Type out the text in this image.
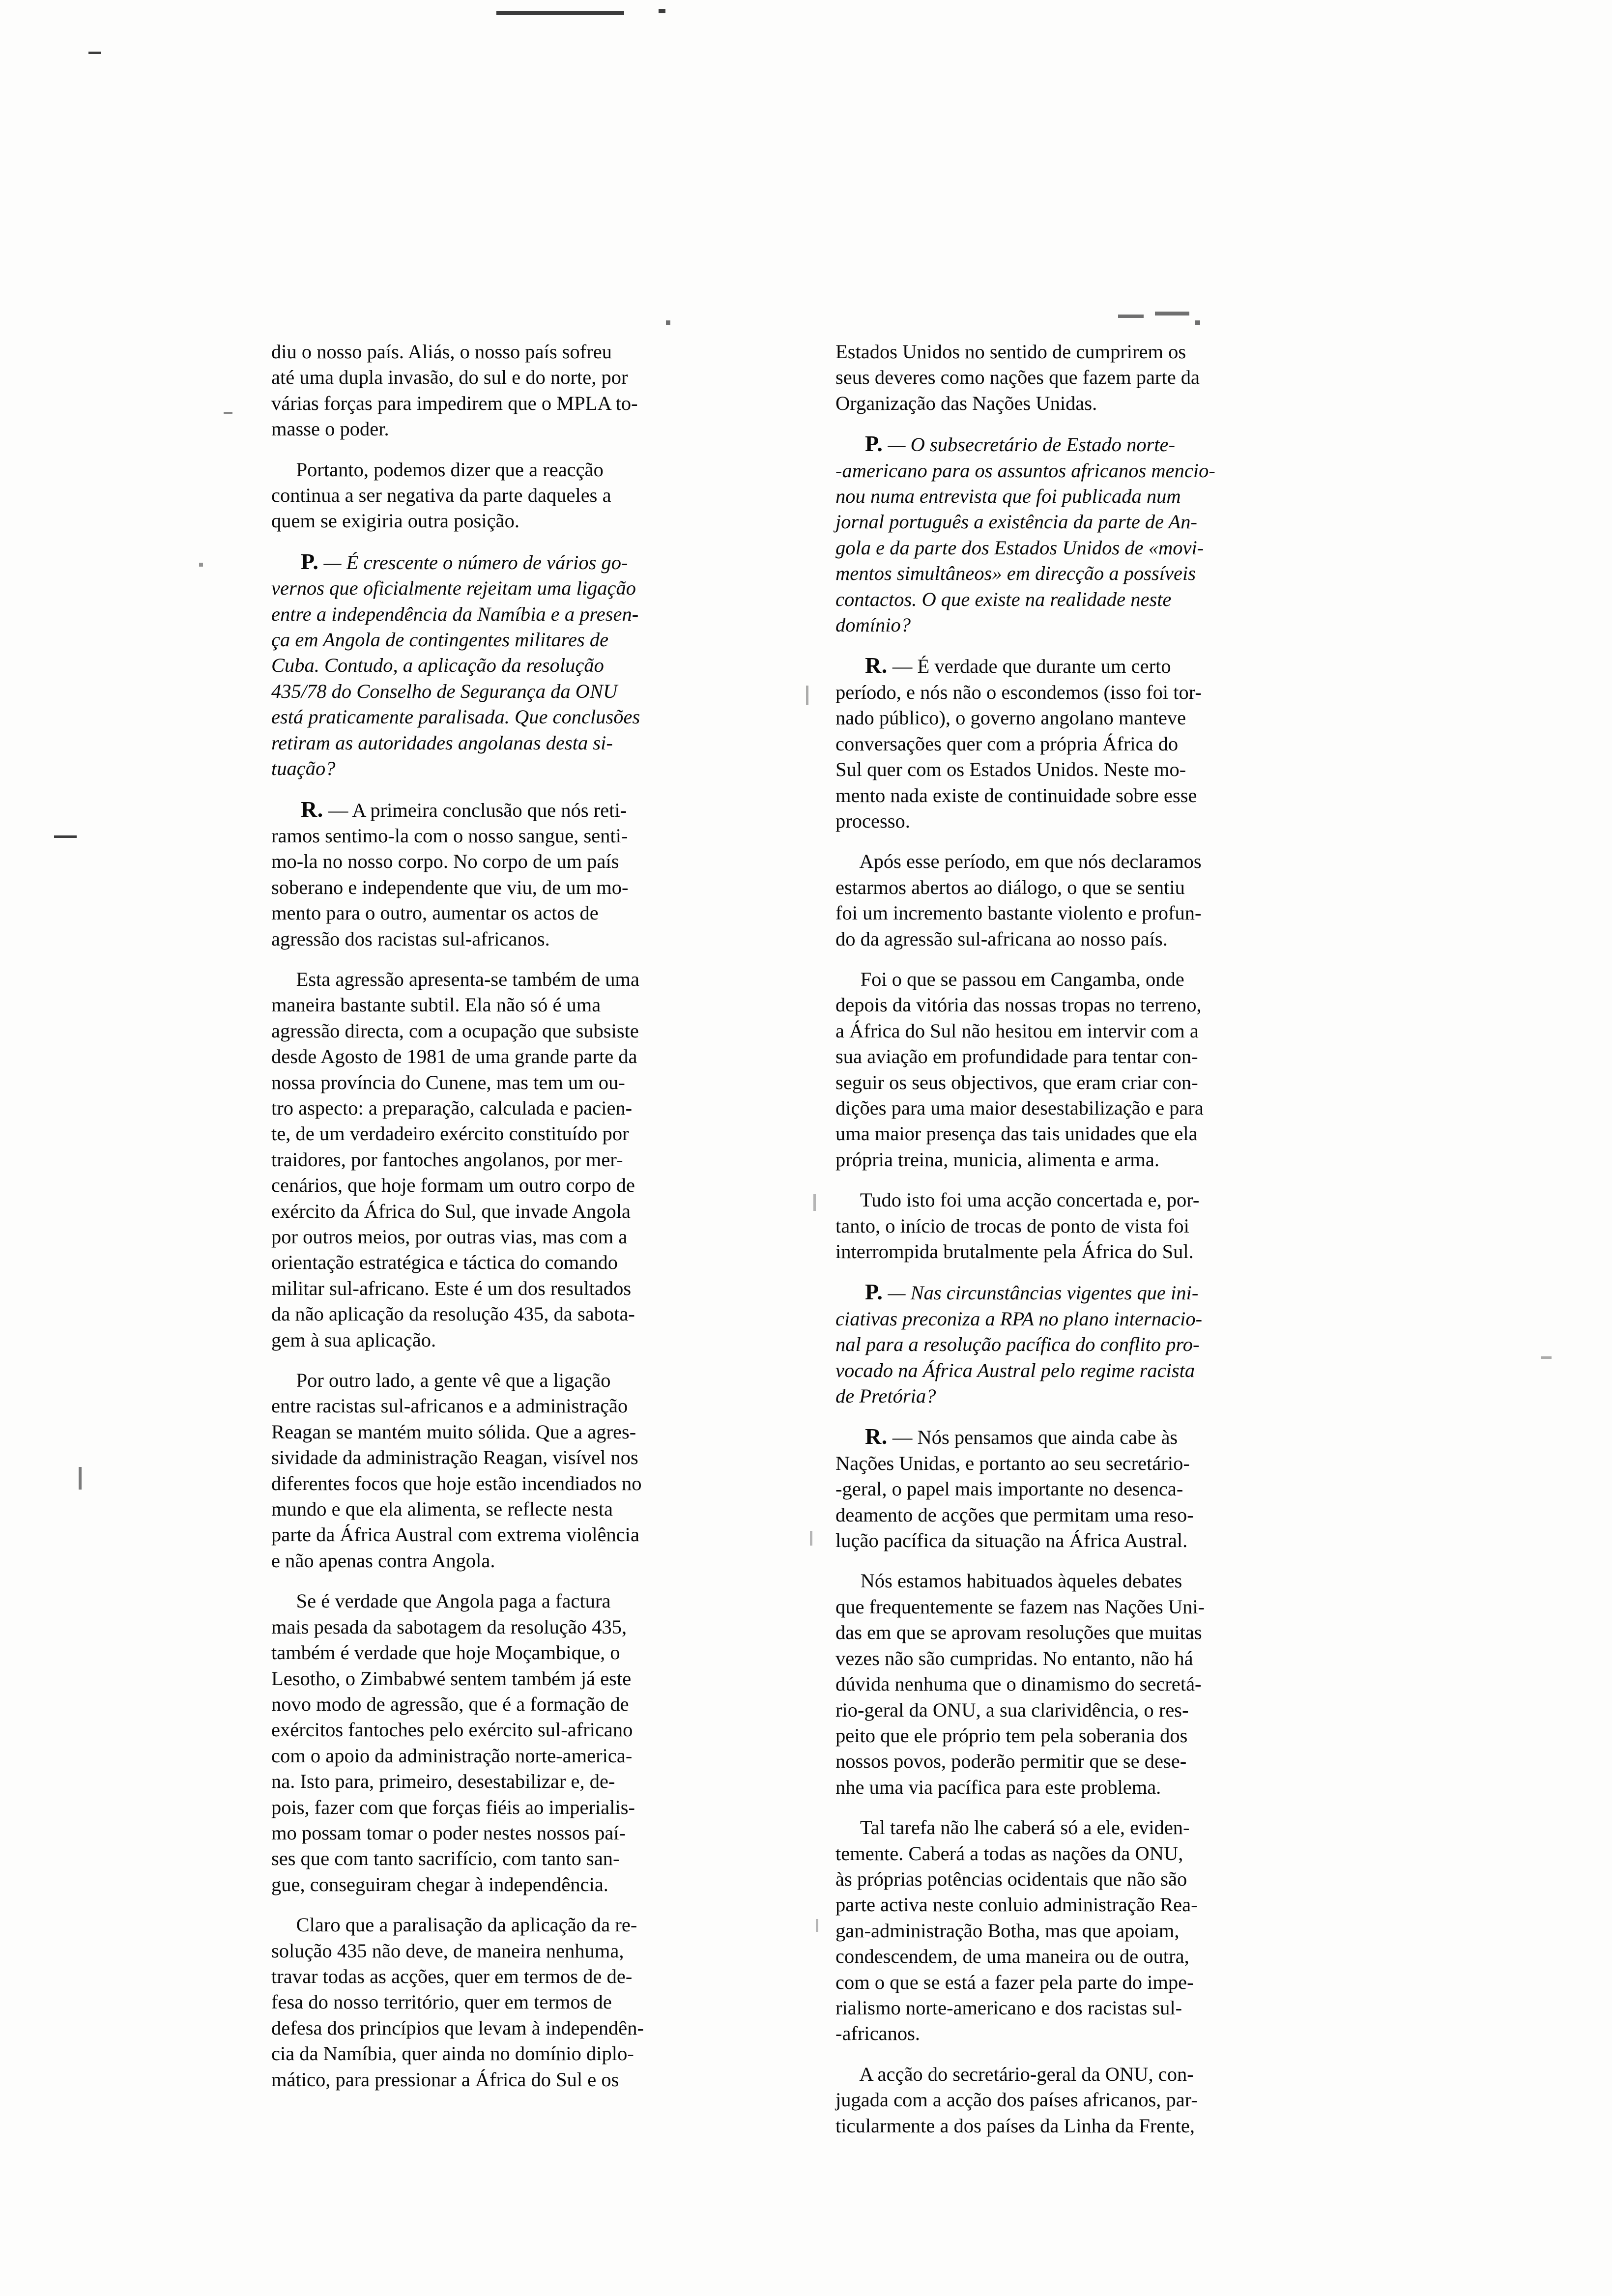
diu o nosso país. Aliás, o nosso país sofreu
até uma dupla invasão, do sul e do norte, por
várias forças para impedirem que o MPLA to-
masse o poder.

Portanto, podemos dizer que a reacção
continua a ser negativa da parte daqueles a
quem se exigiria outra posição.

P. — É crescente o número de vários go-
vernos que oficialmente rejeitam uma ligação
entre a independência da Namíbia e a presen-
ça em Angola de contingentes militares de
Cuba. Contudo, a aplicação da resolução
435/78 do Conselho de Segurança da ONU
está praticamente paralisada. Que conclusões
retiram as autoridades angolanas desta si-
tuação?

R. — A primeira conclusão que nós reti-
ramos sentimo-la com o nosso sangue, senti-
mo-la no nosso corpo. No corpo de um país
soberano e independente que viu, de um mo-
mento para o outro, aumentar os actos de
agressão dos racistas sul-africanos.

Esta agressão apresenta-se também de uma
maneira bastante subtil. Ela não só é uma
agressão directa, com a ocupação que subsiste
desde Agosto de 1981 de uma grande parte da
nossa província do Cunene, mas tem um ou-
tro aspecto: a preparação, calculada e pacien-
te, de um verdadeiro exército constituído por
traidores, por fantoches angolanos, por mer-
cenários, que hoje formam um outro corpo de
exército da África do Sul, que invade Angola
por outros meios, por outras vias, mas com a
orientação estratégica e táctica do comando
militar sul-africano. Este é um dos resultados
da não aplicação da resolução 435, da sabota-
gem à sua aplicação.

Por outro lado, a gente vê que a ligação
entre racistas sul-africanos e a administração
Reagan se mantém muito sólida. Que a agres-
sividade da administração Reagan, visível nos
diferentes focos que hoje estão incendiados no
mundo e que ela alimenta, se reflecte nesta
parte da África Austral com extrema violência
e não apenas contra Angola.

Se é verdade que Angola paga a factura
mais pesada da sabotagem da resolução 435,
também é verdade que hoje Moçambique, o
Lesotho, o Zimbabwé sentem também já este
novo modo de agressão, que é a formação de
exércitos fantoches pelo exército sul-africano
com o apoio da administração norte-america-
na. Isto para, primeiro, desestabilizar e, de-
pois, fazer com que forças fiéis ao imperialis-
mo possam tomar o poder nestes nossos paí-
ses que com tanto sacrifício, com tanto san-
gue, conseguiram chegar à independência.

Claro que a paralisação da aplicação da re-
solução 435 não deve, de maneira nenhuma,
travar todas as acções, quer em termos de de-
fesa do nosso território, quer em termos de
defesa dos princípios que levam à independên-
cia da Namíbia, quer ainda no domínio diplo-
mático, para pressionar a África do Sul e os

Estados Unidos no sentido de cumprirem os
seus deveres como nações que fazem parte da
Organização das Nações Unidas.

P. — O subsecretário de Estado norte-
-americano para os assuntos africanos mencio-
nou numa entrevista que foi publicada num
jornal português a existência da parte de An-
gola e da parte dos Estados Unidos de «movi-
mentos simultâneos» em direcção a possíveis
contactos. O que existe na realidade neste
domínio?

R. — É verdade que durante um certo
período, e nós não o escondemos (isso foi tor-
nado público), o governo angolano manteve
conversações quer com a própria África do
Sul quer com os Estados Unidos. Neste mo-
mento nada existe de continuidade sobre esse
processo.

Após esse período, em que nós declaramos
estarmos abertos ao diálogo, o que se sentiu
foi um incremento bastante violento e profun-
do da agressão sul-africana ao nosso país.

Foi o que se passou em Cangamba, onde
depois da vitória das nossas tropas no terreno,
a África do Sul não hesitou em intervir com a
sua aviação em profundidade para tentar con-
seguir os seus objectivos, que eram criar con-
dições para uma maior desestabilização e para
uma maior presença das tais unidades que ela
própria treina, municia, alimenta e arma.

Tudo isto foi uma acção concertada e, por-
tanto, o início de trocas de ponto de vista foi
interrompida brutalmente pela África do Sul.

P. — Nas circunstâncias vigentes que ini-
ciativas preconiza a RPA no plano internacio-
nal para a resolução pacífica do conflito pro-
vocado na África Austral pelo regime racista
de Pretória?

R. — Nós pensamos que ainda cabe às
Nações Unidas, e portanto ao seu secretário-
-geral, o papel mais importante no desenca-
deamento de acções que permitam uma reso-
lução pacífica da situação na África Austral.

Nós estamos habituados àqueles debates
que frequentemente se fazem nas Nações Uni-
das em que se aprovam resoluções que muitas
vezes não são cumpridas. No entanto, não há
dúvida nenhuma que o dinamismo do secretá-
rio-geral da ONU, a sua clarividência, o res-
peito que ele próprio tem pela soberania dos
nossos povos, poderão permitir que se dese-
nhe uma via pacífica para este problema.

Tal tarefa não lhe caberá só a ele, eviden-
temente. Caberá a todas as nações da ONU,
às próprias potências ocidentais que não são
parte activa neste conluio administração Rea-
gan-administração Botha, mas que apoiam,
condescendem, de uma maneira ou de outra,
com o que se está a fazer pela parte do impe-
rialismo norte-americano e dos racistas sul-
-africanos.

A acção do secretário-geral da ONU, con-
jugada com a acção dos países africanos, par-
ticularmente a dos países da Linha da Frente,
